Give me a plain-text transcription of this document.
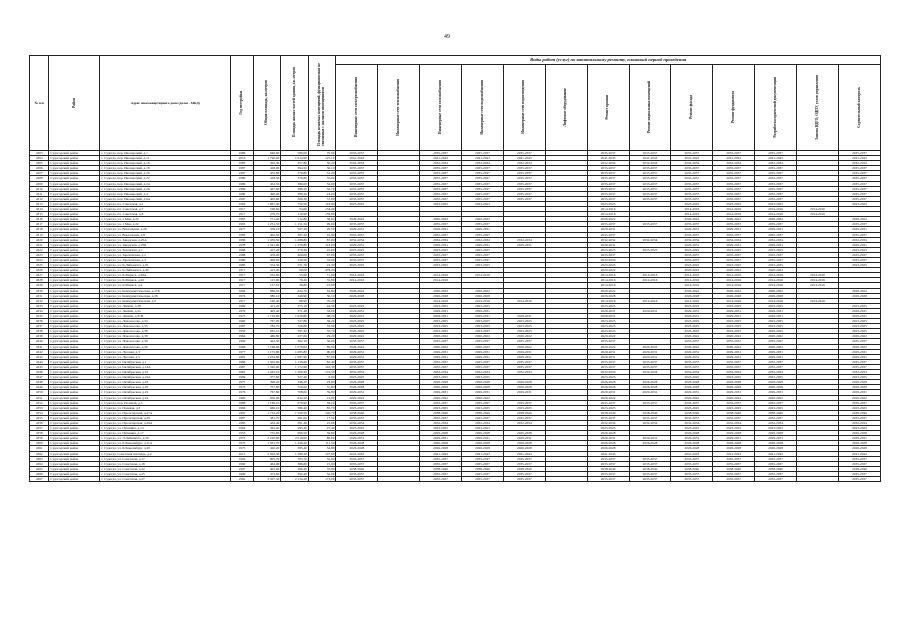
49
№ п/п	Район	Адрес многоквартирного дома (далее - МКД)	Год постройки	Общая площадь, кв.метров	Площадь жилых частей здания, кв. метров	Площадь нежилых помещений, функционально не связанных с жилыми помещениями	Виды работ (услуг) по капитальному ремонту, плановый период проведения												
							Инженерные сети электроснабжения	Инженерные сети теплоснабжения	Инженерные сети газоснабжения	Инженерные сети водоснабжения	Инженерные сети водоотведения	Лифтовое оборудование	Ремонт крыши	Ремонт подвальных помещений	Ремонт фасада	Ремонт фундамента	Разработка проектной документации	Замена ВДГО, ОДПУ, узлов управления	Строительный контроль
4303	Судогодский район	г. Судогда, пер. Пионерский, д.1	1986	648,00	589,00	79,00	2035-2037		2035-2037	2035-2037	2035-2037		2035-2037	2035-2037	2035-2037	2035-2037	2035-2037		2035-2037
4304	Судогодский район	г. Судогда, пер. Пионерский, д.11	2016	1 790,00	1 614,90	125,10	2041-2043		2041-2043	2041-2043	2041-2043		2041-2043	2041-2043	2041-2043	2041-2043	2041-2043		2041-2043
4305	Судогодский район	г. Судогда, пер. Пионерский, д.16	1985	365,30	357,80	30,20	2032-2034		2032-2034	2032-2034	2032-2034		2032-2034	2032-2034	2032-2034	2032-2034	2032-2034		2032-2034
4306	Судогодский район	г. Судогда, пер. Пионерский, д.18	1987	428,00	394,50	30,10	2035-2037		2035-2037	2035-2037	2035-2037		2035-2037	2035-2037	2035-2037	2035-2037	2035-2037		2035-2037
4307	Судогодский район	г. Судогда, пер. Пионерский, д.20	1987	455,80	379,80	31,20	2035-2037		2035-2037	2035-2037	2035-2037		2035-2037	2035-2037	2035-2037	2035-2037	2035-2037		2035-2037
4308	Судогодский район	г. Судогда, пер. Пионерский, д.22	1989	418,50	379,80	35,00	2035-2037		2035-2037	2035-2037	2035-2037		2035-2037	2035-2037	2035-2037	2035-2037	2035-2037		2035-2037
4309	Судогодский район	г. Судогда, пер. Пионерский, д.24	1989	452,50	380,00	32,00	2035-2037		2035-2037	2035-2037	2035-2037		2035-2037	2035-2037	2035-2037	2035-2037	2035-2037		2035-2037
4310	Судогодский район	г. Судогда, пер. Пионерский, д.26	1989	467,00	386,50	32,70	2035-2037		2035-2037	2035-2037	2035-2037		2035-2037	2035-2037	2035-2037	2035-2037	2035-2037		2035-2037
4311	Судогодский район	г. Судогда, пер. Пионерский, д.4	1989	490,40	380,20	24,20	2035-2037		2035-2037	2035-2037	2035-2037		2035-2037	2035-2037	2035-2037	2035-2037	2035-2037		2035-2037
4312	Судогодский район	г. Судогда, пер. Пионерский, д.6А	1997	405,60	369,30	37,00	2035-2037		2035-2037	2035-2037	2035-2037		2035-2037	2035-2037	2035-2037	2035-2037	2035-2037		2035-2037
4313	Судогодский район	г. Судогда, пл. Советская, д.1	1962	1 867,40	750,50	116,90	2023-2025		2023-2025	2023-2025			2023-2025		2023-2025	2023-2025	2023-2025		2023-2025
4314	Судогодский район	г. Судогда, пл. Советская, д.7	1917	196,60	54,60	134,40							2014-2016		2014-2016	2014-2016	2014-2016	2014-2016	
4315	Судогодский район	г. Судогда, пл. Советская, д.8	1917	279,70	119,90	159,80							2014-2016		2014-2016	2014-2016	2014-2016	2014-2016	
4316	Судогодский район	г. Судогда, ул. 1 Мая, д.20	1965	771,40	712,80	58,60	2020-2022		2020-2022	2020-2022			2020-2022		2020-2022	2020-2022	2020-2022		2020-2022
4317	Судогодский район	г. Судогда, ул. 1 Мая, д.22	1993	1 251,50	1 151,50	99,00	2035-2037		2035-2037	2035-2037			2035-2037	2035-2037	2035-2037	2035-2037	2035-2037		2035-2037
4318	Судогодский район	г. Судогда, ул. Вокзальная, д.26	1977	559,10	567,20	29,50	2029-2031		2029-2031	2029-2031			2029-2031		2029-2031	2029-2031	2029-2031		2029-2031
4319	Судогодский район	г. Судогда, ул. Вокзальная, д.8	1982	402,50	367,20	22,90	2035-2037		2035-2037	2035-2037			2035-2037		2035-2037	2035-2037	2035-2037		2035-2037
4320	Судогодский район	г. Судогда, ул. Заводская, д.25А	1986	1 459,50	1 288,80	87,90	2032-2034		2032-2034	2032-2034	2032-2034		2032-2034	2032-2034	2032-2034	2032-2034	2032-2034		2032-2034
4321	Судогодский район	г. Судогда, ул. Заводская, д.25Б	1978	1 341,90	1 278,80	113,00	2029-2031		2029-2031	2029-2031	2029-2031		2029-2031		2029-2031	2029-2031	2029-2031		2029-2031
4322	Судогодский район	г. Судогда, ул. Зеленская, д.1	1968	417,20	379,30	45,90	2023-2025		2023-2025	2023-2025			2023-2025	2023-2025	2023-2025	2023-2025	2023-2025		2023-2025
4323	Судогодский район	г. Судогда, ул. Зареченская, д.2	1988	476,00	409,00	67,00	2035-2037		2035-2037	2035-2037			2035-2037		2035-2037	2035-2037	2035-2037		2035-2037
4324	Судогодский район	г. Судогда, ул. Зареченская, д.3	1989	406,90	339,50	32,00	2035-2037		2035-2037	2035-2037			2032-2034		2035-2037	2035-2037	2035-2037		2035-2037
4325	Судогодский район	г. Судогда, ул. К.Либкнехта, д.61	1985	554,30	531,70	22,30	2023-2025		2023-2025	2023-2025			2023-2025		2023-2025	2023-2025	2023-2025		2023-2025
4326	Судогодский район	г. Судогда, ул. К.Либкнехта, д.40	1917	413,40	60,00	476,20							2020-2022		2020-2022	2020-2022	2020-2022		
4327	Судогодский район	г. Судогда, ул. К.Маркса, д.28А	1917	232,90	53,60	71,00	2014-2016		2014-2016	2014-2016			2014-2016	2014-2016	2014-2016	2014-2016	2014-2016	2014-2016	
4328	Судогодский район	г. Судогда, ул. К.Маркса, д.26	1917	115,00	79,20	35,80	2014-2016		2014-2016				2014-2016	2014-2016	2014-2016	2014-2016	2014-2016	2014-2016	
4329	Судогодский район	г. Судогда, ул. К.Маркса, д.4	1917	157,10	38,80	45,90							2014-2016		2014-2016	2014-2016	2014-2016	2014-2016	
4330	Судогодский район	г. Судогда, ул. Коммунистическая, д.27Б	1984	669,50	624,70	44,80	2020-2022		2020-2022	2020-2022			2020-2022		2020-2022	2020-2022	2020-2022		2020-2022
4331	Судогодский район	г. Судогда, ул. Коммунистическая, д.28	1974	380,10	349,90	30,10	2026-2028		2026-2028	2026-2028			2026-2028		2026-2028	2026-2028	2026-2028		2026-2028
4332	Судогодский район	г. Судогда, ул. Коммунистическая, д.2	1917	160,40	89,90	70,20			2014-2016	2014-2016	2014-2016		2014-2016	2014-2016	2014-2016	2014-2016	2014-2016	2014-2016	
4333	Судогодский район	г. Судогда, ул. Ленина, д.28	1969	411,20	375,10	42,30	2023-2025		2023-2025	2023-2025			2023-2025		2023-2025	2023-2025	2023-2025		2023-2025
4334	Судогодский район	г. Судогда, ул. Ленина, д.2а	1979	405,40	371,40	32,00	2029-2031		2029-2031	2029-2031			2029-2031	2029-2031	2029-2031	2029-2031	2029-2031		2029-2031
4335	Судогодский район	г. Судогда, ул. Ленина, д.31Н	1973	1 719,00	1 620,80	98,20	2029-2031		2029-2031	2029-2031	2029-2031		2029-2031		2029-2031	2029-2031	2029-2031		2029-2031
4336	Судогодский район	г. Судогда, ул. Ломоносова, д.34	1960	767,00	727,80	39,20	2023-2025		2023-2025	2023-2025	2023-2025		2023-2025		2023-2025	2023-2025	2023-2025		2023-2025
4337	Судогодский район	г. Судогда, ул. Ломоносова, д.35	1967	782,70	726,80	55,90	2023-2025		2023-2025	2023-2025	2023-2025		2023-2025		2023-2025	2023-2025	2023-2025		2023-2025
4338	Судогодский район	г. Судогда, ул. Ломоносова, д.36	1950	635,10	597,40	35,70	2023-2025		2023-2025	2023-2025	2023-2025		2023-2025		2023-2025	2023-2025	2023-2025		2023-2025
4339	Судогодский район	г. Судогда, ул. Ломоносова, д.38	1964	466,80	437,60	29,20	2020-2022		2020-2022	2020-2022	2020-2022		2020-2022		2020-2022	2020-2022	2020-2022		2020-2022
4340	Судогодский район	г. Судогда, ул. Ломоносова, д.39	1990	422,30	392,10	30,00	2035-2037		2035-2037	2035-2037	2035-2037		2035-2037		2035-2037	2035-2037	2035-2037		2035-2037
4341	Судогодский район	г. Судогда, ул. Ломоносова, д.40	1966	1 168,00	1 079,00	89,00	2020-2022		2020-2022	2020-2022	2020-2022		2020-2022	2020-2022	2020-2022	2020-2022	2020-2022		2020-2022
4342	Судогодский район	г. Судогда, ул. Луговая, д.3	1977	1 175,80	1 085,80	90,00	2029-2031		2029-2031	2029-2031	2029-2031		2029-2031	2029-2031	2029-2031	2029-2031	2029-2031		2029-2031
4343	Судогодский район	г. Судогда, ул. Луговая, д.5	1981	1 234,90	1 087,90	87,00	2029-2031		2029-2031	2029-2031	2029-2031		2029-2031	2029-2031	2029-2031	2029-2031	2029-2031		2029-2031
4344	Судогодский район	г. Судогда, ул. Октябрьская, д.1	1986	1 302,00	1 136,60	82,40	2035-2037		2035-2037	2035-2037	2035-2037		2035-2037	2035-2037	2035-2037	2035-2037	2035-2037		2035-2037
4345	Судогодский район	г. Судогда, ул. Октябрьская, д.14А	1987	1 320,00	1 172,90	163,30	2035-2037		2035-2037	2035-2037	2035-2037		2035-2037	2035-2037	2035-2037	2035-2037	2035-2037		2035-2037
4346	Судогодский район	г. Судогда, ул. Октябрьская, д.16	1981	1 445,10	1 309,30	172,50	2032-2034		2032-2034	2032-2034	2032-2034		2032-2034	2032-2034	2032-2034	2032-2034	2032-2034		2032-2034
4347	Судогодский район	г. Судогда, ул. Октябрьская, д.16А	1969	377,60	327,40	0,00	2023-2025		2023-2025	2023-2025			2023-2025		2023-2025	2023-2025	2023-2025		2023-2025
4348	Судогодский район	г. Судогда, ул. Октябрьская, д.18	1975	396,20	346,20	25,00	2026-2028		2026-2028	2026-2028	2026-2028		2026-2028	2026-2028	2026-2028	2026-2028	2026-2028		2026-2028
4349	Судогодский район	г. Судогда, ул. Октябрьская, д.20	1975	757,60	720,00	37,60	2026-2028		2026-2028	2026-2028	2026-2028		2026-2028	2026-2028	2026-2028	2026-2028	2026-2028		2026-2028
4350	Судогодский район	г. Судогда, ул. Октябрьская, д.22	1976	767,80	708,00	59,80	2029-2031		2029-2031	2029-2031	2029-2031		2029-2031	2029-2031	2029-2031	2029-2031	2029-2031		2029-2031
4351	Судогодский район	г. Судогда, ул. Октябрьская, д.24	1960	650,00	632,50	15,00	2020-2022		2020-2022	2020-2022			2020-2022		2020-2022	2020-2022	2020-2022		2020-2022
4352	Судогодский район	г. Судогда, пер. Полевой, д.3	1986	1 169,10	679,90	59,20	2035-2037		2035-2037	2035-2037	2035-2037		2035-2037	2035-2037	2035-2037	2035-2037	2035-2037		2035-2037
4353	Судогодский район	г. Судогда, ул. Полевая, д.3	1966	666,10	580,40	85,70	2023-2025		2023-2025	2023-2025	2023-2025		2023-2025		2023-2025	2023-2025	2023-2025		2023-2025
4354	Судогодский район	г. Судогда, ул. Пролетарская, д.27А	1997	1 732,20	1 556,50	140,70	2038-2040		2038-2040	2038-2040	2038-2040		2038-2040	2038-2040	2038-2040	2038-2040	2038-2040		2038-2040
4355	Судогодский район	г. Судогда, ул. Пролетарская, д.29	1987	381,70	361,00	17,50	2035-2037		2035-2037	2035-2037	2035-2037		2035-2037	2035-2037	2035-2037	2035-2037	2035-2037		2035-2037
4356	Судогодский район	г. Судогда, ул. Пролетарская, д.29А	1985	432,40	391,40	25,60	2032-2034		2032-2034	2032-2034	2032-2034		2032-2034	2032-2034	2032-2034	2032-2034	2032-2034		2032-2034
4357	Судогодский район	г. Судогда, ул. Пушкина, д.13	1964	362,40	295,40	27,40	2023-2025		2023-2025	2023-2025			2023-2025		2023-2025	2023-2025	2023-2025		2023-2025
4358	Судогодский район	г. Судогда, ул. Пушкина, д.17	1953	755,60	696,50	59,80	2026-2028		2026-2028	2026-2028	2026-2028		2026-2028		2026-2028	2026-2028	2026-2028		2026-2028
4359	Судогодский район	г. Судогда, ул. Л.Либкнехта, д.30	1973	2 220,00	2 010,00	80,00	2029-2031		2029-2031	2029-2031	2029-2031		2029-2031	2029-2031	2029-2031	2029-2031	2029-2031		2029-2031
4360	Судогодский район	г. Судогда, ул. Р.Люксембург, д.11А	1975	1 361,70	1 240,20	111,50	2026-2028		2026-2028	2026-2028	2026-2028		2026-2028	2026-2028	2026-2028	2026-2028	2026-2028		2026-2028
4361	Судогодский район	г. Судогда, ул. Р.Люксембург, д.20	1975	420,20	385,40	34,80	2026-2028		2026-2028	2026-2028	2026-2028		2026-2028		2026-2028	2026-2028	2026-2028		2026-2028
4362	Судогодский район	г. Судогда, Советская площадь, д.2	2015	2 503,30	1 580,30	197,60	2041-2043		2041-2043	2041-2043	2041-2043		2041-2043		2041-2043	2041-2043	2041-2043		2041-2043
4363	Судогодский район	г. Судогда, ул. Советская, д.17	1992	805,70	703,70	32,00	2035-2037		2035-2037	2035-2037	2035-2037		2035-2037	2035-2037	2035-2037	2035-2037	2035-2037		2035-2037
4364	Судогодский район	г. Судогда, ул. Советская, д.18	1990	464,00	386,60	15,00	2035-2037		2035-2037	2035-2037	2035-2037		2035-2037	2035-2037	2035-2037	2035-2037	2035-2037		2035-2037
4365	Судогодский район	г. Судогда, ул. Советская, д.22	1997	402,00	366,20	35,80	2038-2040		2038-2040	2038-2040	2038-2040		2038-2040	2038-2040	2038-2040	2038-2040	2038-2040		2038-2040
4366	Судогодский район	г. Судогда, ул. Советская, д.25	1990	473,60	390,40	32,00	2035-2037		2035-2037	2035-2037	2035-2037		2035-2037	2035-2037	2035-2037	2035-2037	2035-2037		2035-2037
4367	Судогодский район	г. Судогда, ул. Советская, д.27	1992	2 307,30	2 134,20	173,00	2035-2037		2035-2037	2035-2037	2035-2037		2035-2037	2035-2037	2035-2037	2035-2037	2035-2037		2035-2037
